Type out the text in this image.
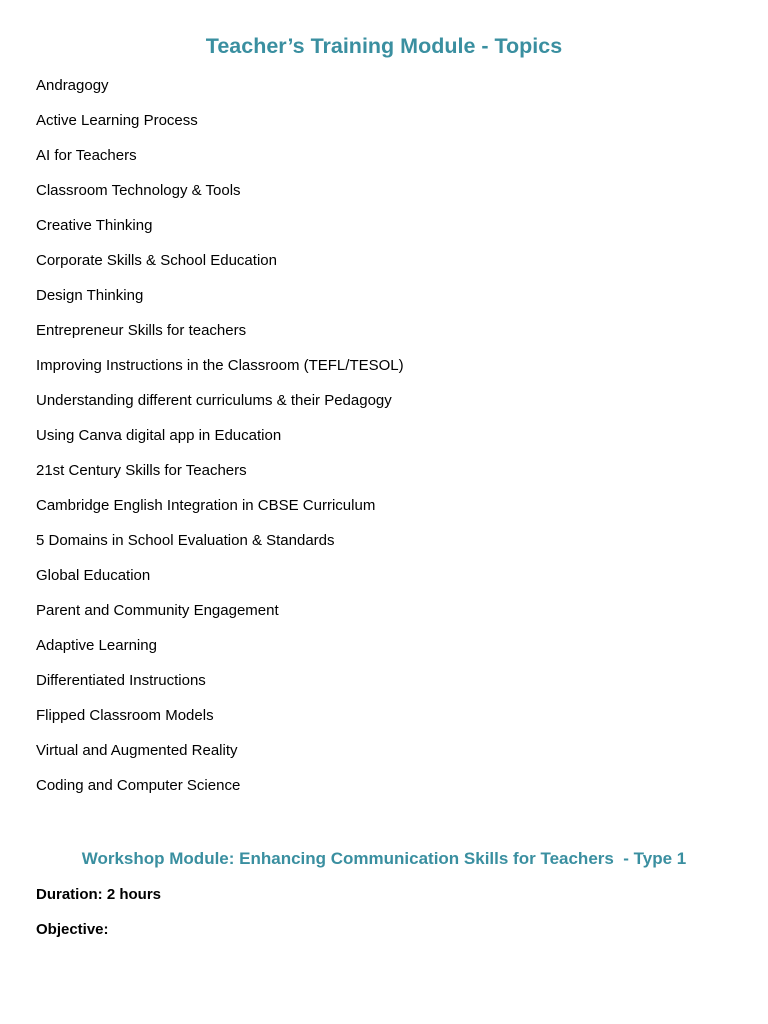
Teacher’s Training Module - Topics
Andragogy
Active Learning Process
AI for Teachers
Classroom Technology & Tools
Creative Thinking
Corporate Skills & School Education
Design Thinking
Entrepreneur Skills for teachers
Improving Instructions in the Classroom (TEFL/TESOL)
Understanding different curriculums & their Pedagogy
Using Canva digital app in Education
21st Century Skills for Teachers
Cambridge English Integration in CBSE Curriculum
5 Domains in School Evaluation & Standards
Global Education
Parent and Community Engagement
Adaptive Learning
Differentiated Instructions
Flipped Classroom Models
Virtual and Augmented Reality
Coding and Computer Science
Workshop Module: Enhancing Communication Skills for Teachers  - Type 1
Duration: 2 hours
Objective:
